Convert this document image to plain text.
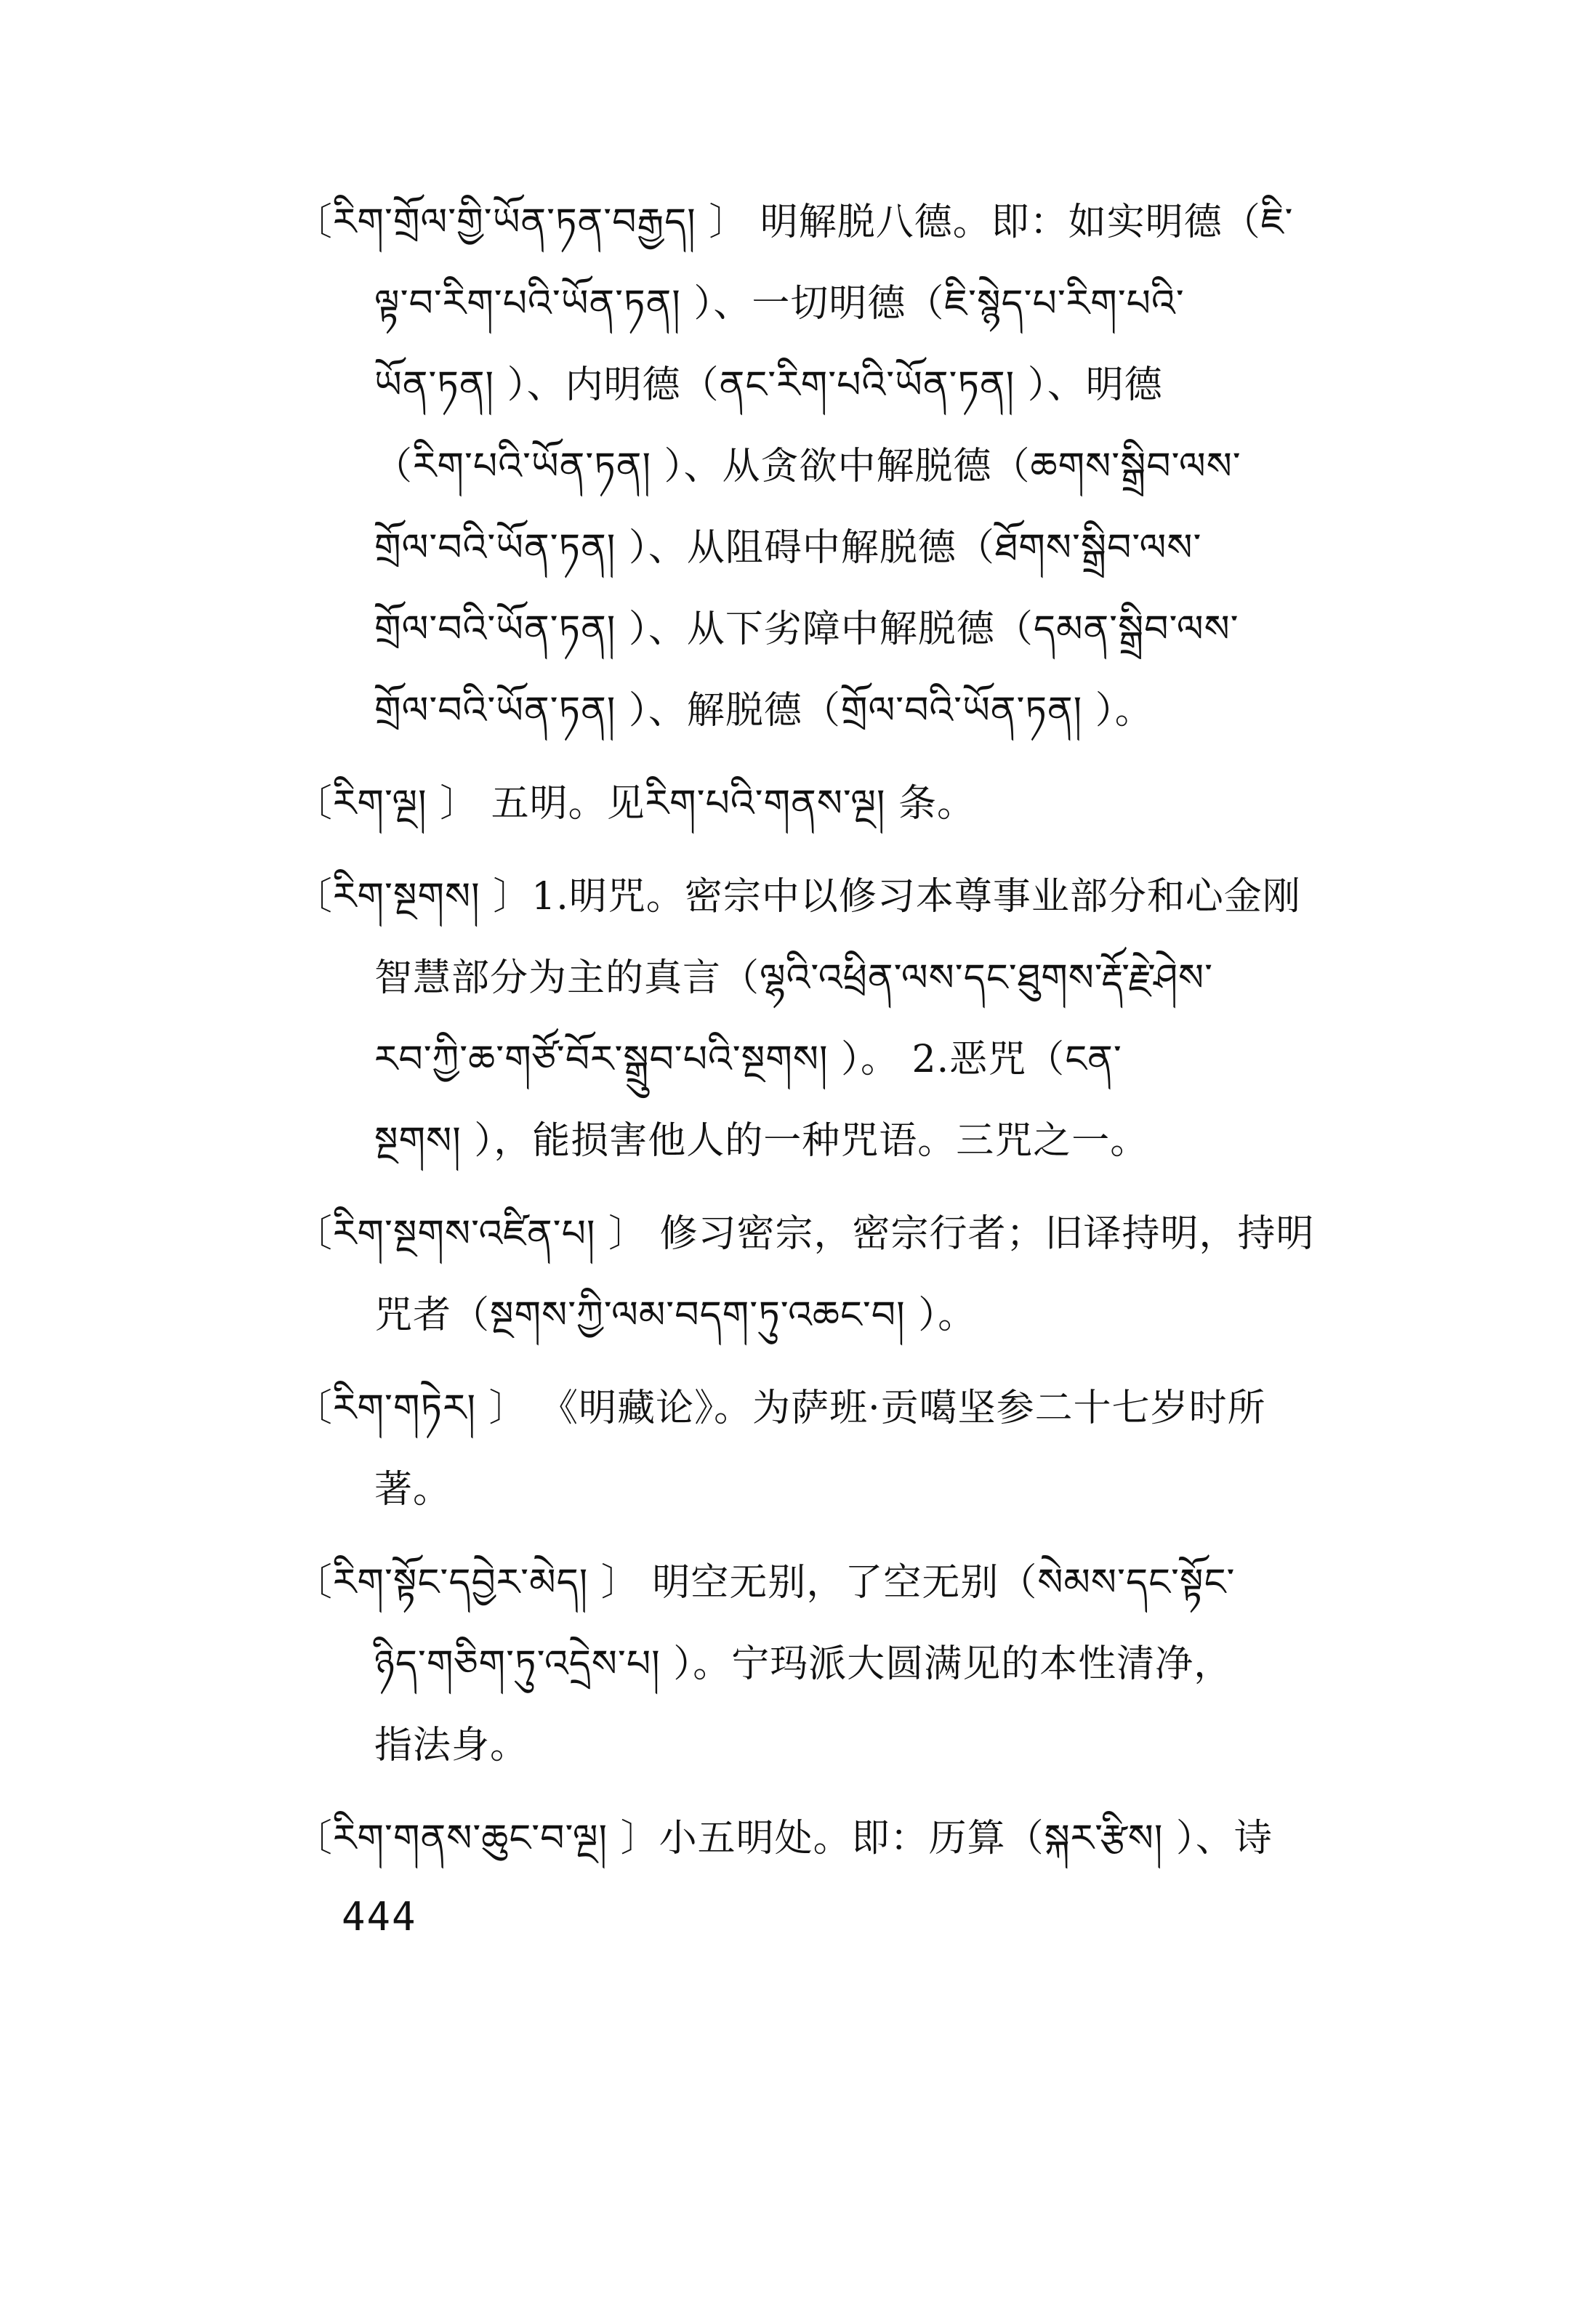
〔རིག་གྲོལ་གྱི་ཡོན་ཏན་བརྒྱད། 〕 明解脱八德。即：如实明德（ཇི་
ལྟ་བ་རིག་པའི་ཡོན་ཏན། ）、一切明德（ཇི་སྙེད་པ་རིག་པའི་
ཡོན་ཏན། ）、内明德（ནང་རིག་པའི་ཡོན་ཏན། ）、明德
（རིག་པའི་ཡོན་ཏན། ）、从贪欲中解脱德（ཆགས་སྒྲིབ་ལས་
གྲོལ་བའི་ཡོན་ཏན། ）、从阻碍中解脱德（ཐོགས་སྒྲིབ་ལས་
གྲོལ་བའི་ཡོན་ཏན། ）、从下劣障中解脱德（དམན་སྒྲིབ་ལས་
གྲོལ་བའི་ཡོན་ཏན། ）、解脱德（གྲོལ་བའི་ཡོན་ཏན། ）。
〔རིག་ལྔ། 〕 五明。见རིག་པའི་གནས་ལྔ། 条。
〔རིག་སྔགས། 〕1.明咒。密宗中以修习本尊事业部分和心金刚
智慧部分为主的真言（ལྷའི་འཕྲིན་ལས་དང་ཐུགས་རྡོ་རྗེ་ཤེས་
རབ་ཀྱི་ཆ་གཙོ་བོར་སྒྲུབ་པའི་སྔགས། ）。 2.恶咒（ངན་
སྔགས། ），能损害他人的一种咒语。三咒之一。
〔རིག་སྔགས་འཛིན་པ། 〕 修习密宗，密宗行者；旧译持明，持明
咒者（སྔགས་ཀྱི་ལམ་བདག་ཏུ་འཆང་བ། ）。
〔རིག་གཏེར། 〕 《明藏论》。为萨班·贡噶坚参二十七岁时所
著。
〔རིག་སྟོང་དབྱེར་མེད། 〕 明空无别，了空无别（སེམས་དང་སྟོང་
ཉིད་གཅིག་ཏུ་འདྲེས་པ། ）。宁玛派大圆满见的本性清净，
指法身。
〔རིག་གནས་ཆུང་བ་ལྔ། 〕小五明处。即：历算（སྐར་རྩིས། ）、诗
444
